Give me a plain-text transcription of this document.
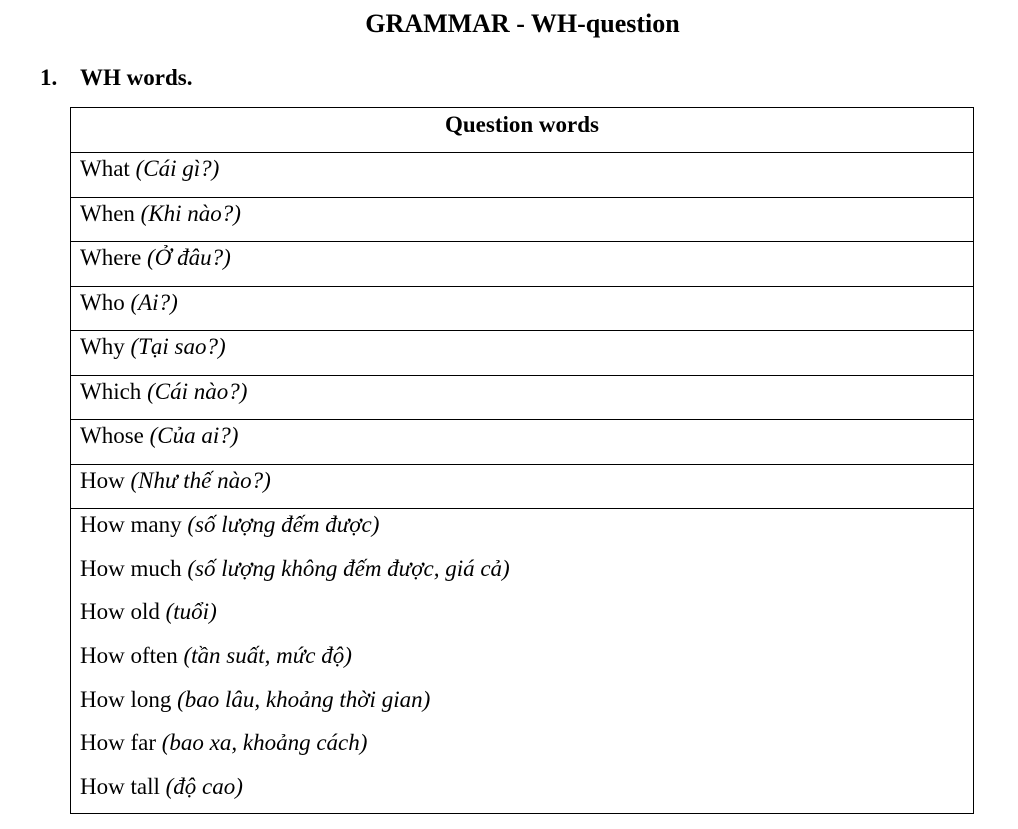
GRAMMAR - WH-question
1. WH words.
Question words
What (Cái gì?)
When (Khi nào?)
Where (Ở đâu?)
Who (Ai?)
Why (Tại sao?)
Which (Cái nào?)
Whose (Của ai?)
How (Như thế nào?)
How many (số lượng đếm được)
How much (số lượng không đếm được, giá cả)
How old (tuổi)
How often (tần suất, mức độ)
How long (bao lâu, khoảng thời gian)
How far (bao xa, khoảng cách)
How tall (độ cao)
